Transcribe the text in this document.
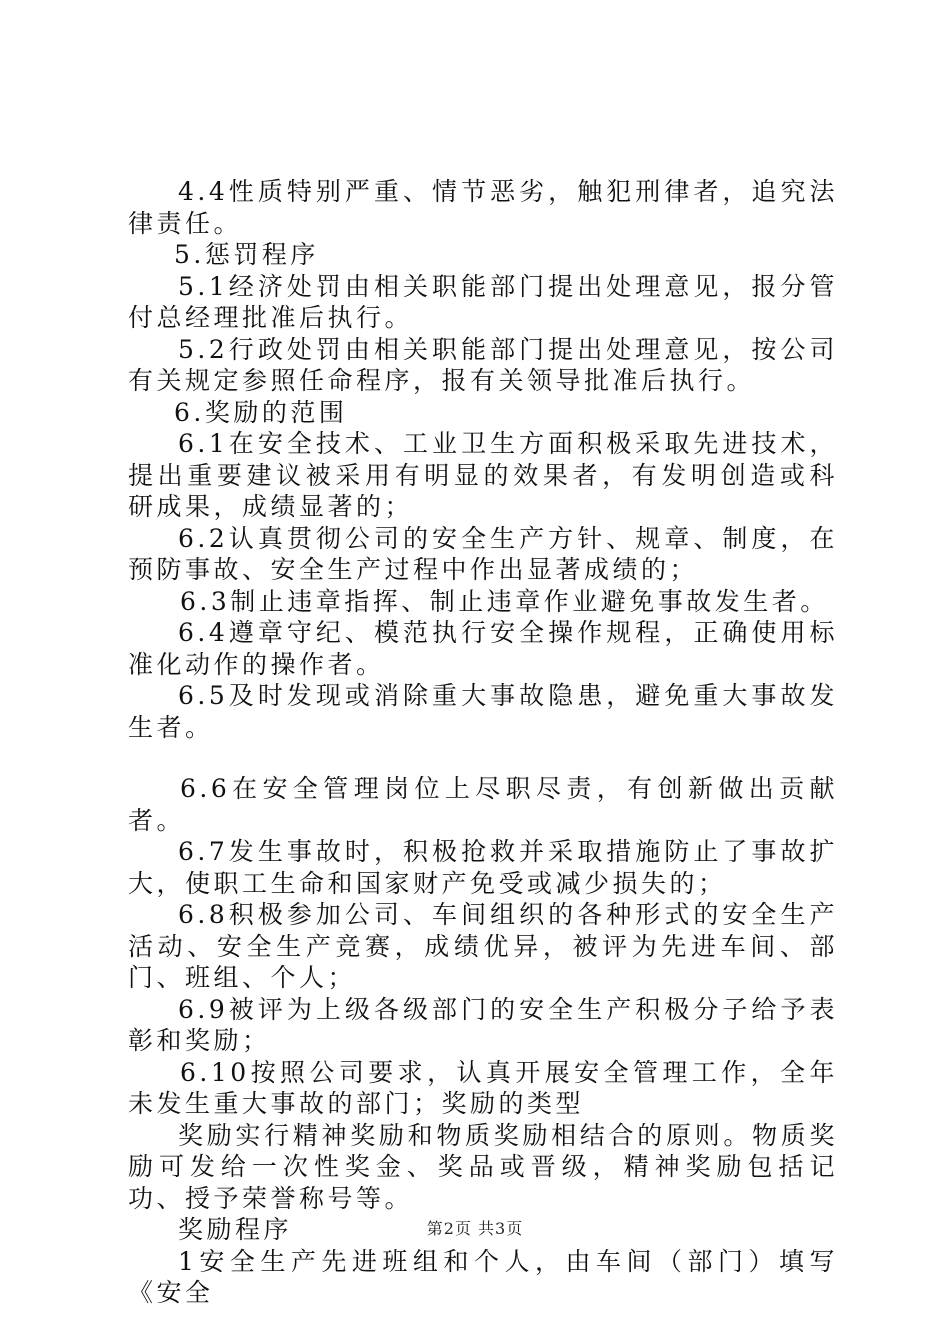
4.4性质特别严重、情节恶劣，触犯刑律者，追究法律责任。

5.惩罚程序

5.1经济处罚由相关职能部门提出处理意见，报分管付总经理批准后执行。

5.2行政处罚由相关职能部门提出处理意见，按公司有关规定参照任命程序，报有关领导批准后执行。

6.奖励的范围

6.1在安全技术、工业卫生方面积极采取先进技术，提出重要建议被采用有明显的效果者，有发明创造或科研成果，成绩显著的；

6.2认真贯彻公司的安全生产方针、规章、制度，在预防事故、安全生产过程中作出显著成绩的；

6.3制止违章指挥、制止违章作业避免事故发生者。

6.4遵章守纪、模范执行安全操作规程，正确使用标准化动作的操作者。

6.5及时发现或消除重大事故隐患，避免重大事故发生者。

6.6在安全管理岗位上尽职尽责，有创新做出贡献者。

6.7发生事故时，积极抢救并采取措施防止了事故扩大，使职工生命和国家财产免受或减少损失的；

6.8积极参加公司、车间组织的各种形式的安全生产活动、安全生产竞赛，成绩优异，被评为先进车间、部门、班组、个人；

6.9被评为上级各级部门的安全生产积极分子给予表彰和奖励；

6.10按照公司要求，认真开展安全管理工作，全年未发生重大事故的部门；奖励的类型

奖励实行精神奖励和物质奖励相结合的原则。物质奖励可发给一次性奖金、奖品或晋级，精神奖励包括记功、授予荣誉称号等。

奖励程序

1安全生产先进班组和个人，由车间（部门）填写《安全

第2页 共3页
